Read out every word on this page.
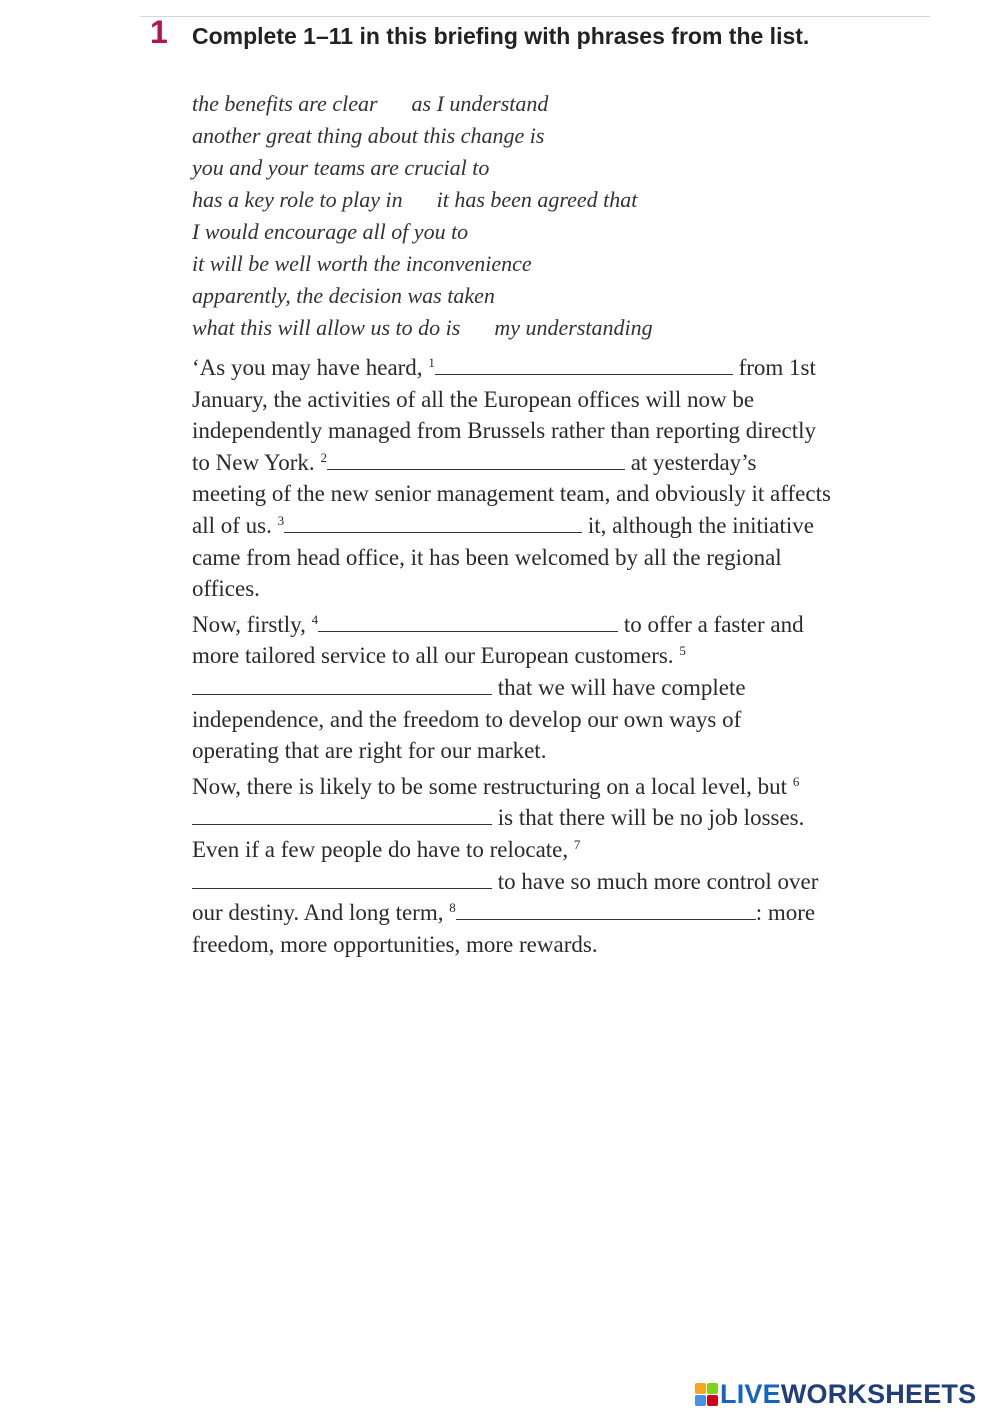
1 Complete 1–11 in this briefing with phrases from the list.
the benefits are clear as I understand
another great thing about this change is
you and your teams are crucial to
has a key role to play in it has been agreed that
I would encourage all of you to
it will be well worth the inconvenience
apparently, the decision was taken
what this will allow us to do is my understanding

‘As you may have heard, $^1$	from 1st January, the activities of all the European offices will now be independently managed from Brussels rather than reporting directly to New York. $^2$	at yesterday’s meeting of the new senior management team, and obviously it affects all of us. $^3$	it, although the initiative came from head office, it has been welcomed by all the regional offices.

Now, firstly, $^4$	to offer a faster and more tailored service to all our European customers. $^5$ that we will have complete independence, and the freedom to develop our own ways of operating that are right for our market.

Now, there is likely to be some restructuring on a local level, but $^6$ is that there will be no job losses. Even if a few people do have to relocate, $^7$ to have so much more control over our destiny. And long term, $^8$	: more freedom, more opportunities, more rewards.

LIVEWORKSHEETS
